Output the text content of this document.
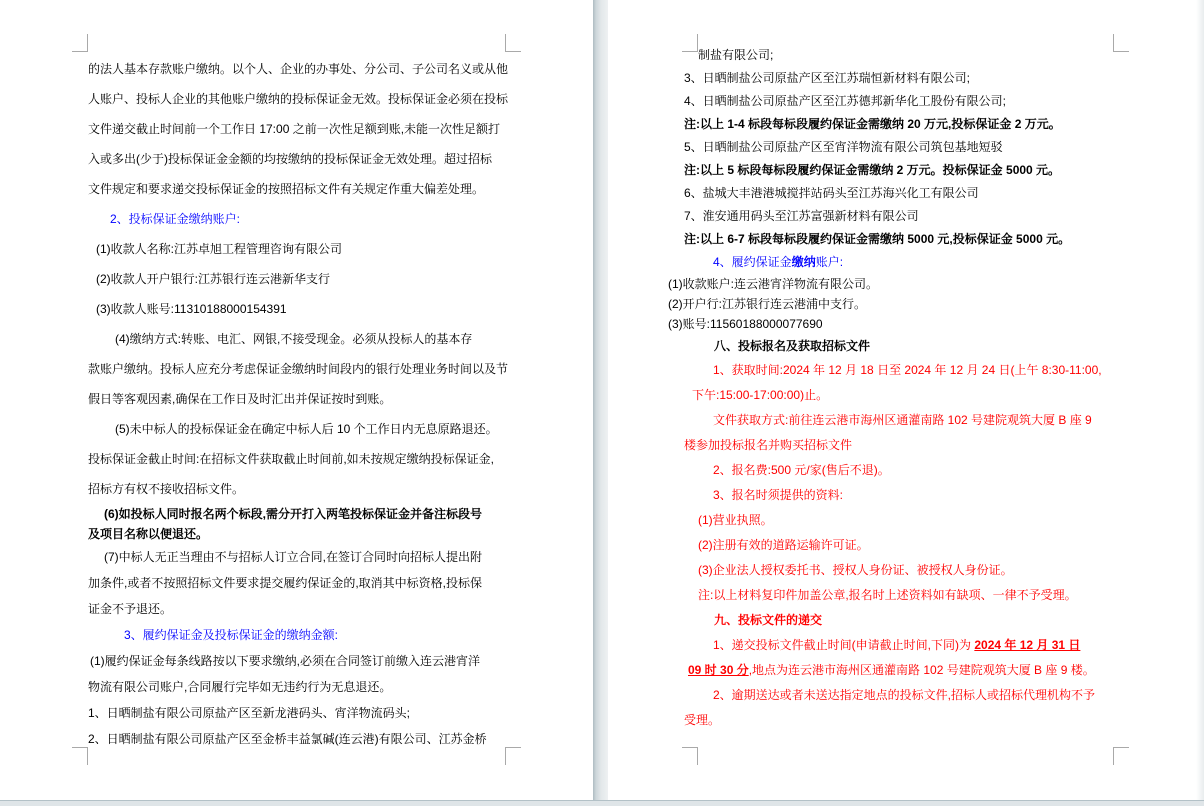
的法人基本存款账户缴纳。以个人、企业的办事处、分公司、子公司名义或从他
人账户、投标人企业的其他账户缴纳的投标保证金无效。投标保证金必须在投标
文件递交截止时间前一个工作日 17:00 之前一次性足额到账,未能一次性足额打
入或多出(少于)投标保证金金额的均按缴纳的投标保证金无效处理。超过招标
文件规定和要求递交投标保证金的按照招标文件有关规定作重大偏差处理。
2、投标保证金缴纳账户:
(1)收款人名称:江苏卓旭工程管理咨询有限公司
(2)收款人开户银行:江苏银行连云港新华支行
(3)收款人账号:11310188000154391
(4)缴纳方式:转账、电汇、网银,不接受现金。必须从投标人的基本存
款账户缴纳。投标人应充分考虑保证金缴纳时间段内的银行处理业务时间以及节
假日等客观因素,确保在工作日及时汇出并保证按时到账。
(5)未中标人的投标保证金在确定中标人后 10 个工作日内无息原路退还。
投标保证金截止时间:在招标文件获取截止时间前,如未按规定缴纳投标保证金,
招标方有权不接收招标文件。
(6)如投标人同时报名两个标段,需分开打入两笔投标保证金并备注标段号
及项目名称以便退还。
(7)中标人无正当理由不与招标人订立合同,在签订合同时向招标人提出附
加条件,或者不按照招标文件要求提交履约保证金的,取消其中标资格,投标保
证金不予退还。
3、履约保证金及投标保证金的缴纳金额:
(1)履约保证金每条线路按以下要求缴纳,必须在合同签订前缴入连云港宵洋
物流有限公司账户,合同履行完毕如无违约行为无息退还。
1、日晒制盐有限公司原盐产区至新龙港码头、宵洋物流码头;
2、日晒制盐有限公司原盐产区至金桥丰益氯碱(连云港)有限公司、江苏金桥
制盐有限公司;
3、日晒制盐公司原盐产区至江苏瑞恒新材料有限公司;
4、日晒制盐公司原盐产区至江苏德邦新华化工股份有限公司;
注:以上 1-4 标段每标段履约保证金需缴纳 20 万元,投标保证金 2 万元。
5、日晒制盐公司原盐产区至宵洋物流有限公司筑包基地短驳
注:以上 5 标段每标段履约保证金需缴纳 2 万元。投标保证金 5000 元。
6、盐城大丰港港城搅拌站码头至江苏海兴化工有限公司
7、淮安通用码头至江苏富强新材料有限公司
注:以上 6-7 标段每标段履约保证金需缴纳 5000 元,投标保证金 5000 元。
4、履约保证金缴纳账户:
(1)收款账户:连云港宵洋物流有限公司。
(2)开户行:江苏银行连云港浦中支行。
(3)账号:11560188000077690
八、投标报名及获取招标文件
1、获取时间:2024 年 12 月 18 日至 2024 年 12 月 24 日(上午 8:30-11:00,
下午:15:00-17:00:00)止。
文件获取方式:前往连云港市海州区通灌南路 102 号建院观筑大厦 B 座 9
楼参加投标报名并购买招标文件
2、报名费:500 元/家(售后不退)。
3、报名时须提供的资料:
(1)营业执照。
(2)注册有效的道路运输许可证。
(3)企业法人授权委托书、授权人身份证、被授权人身份证。
注:以上材料复印件加盖公章,报名时上述资料如有缺项、一律不予受理。
九、投标文件的递交
1、递交投标文件截止时间(申请截止时间,下同)为 2024 年 12 月 31 日
09 时 30 分,地点为连云港市海州区通灌南路 102 号建院观筑大厦 B 座 9 楼。
2、逾期送达或者未送达指定地点的投标文件,招标人或招标代理机构不予
受理。
